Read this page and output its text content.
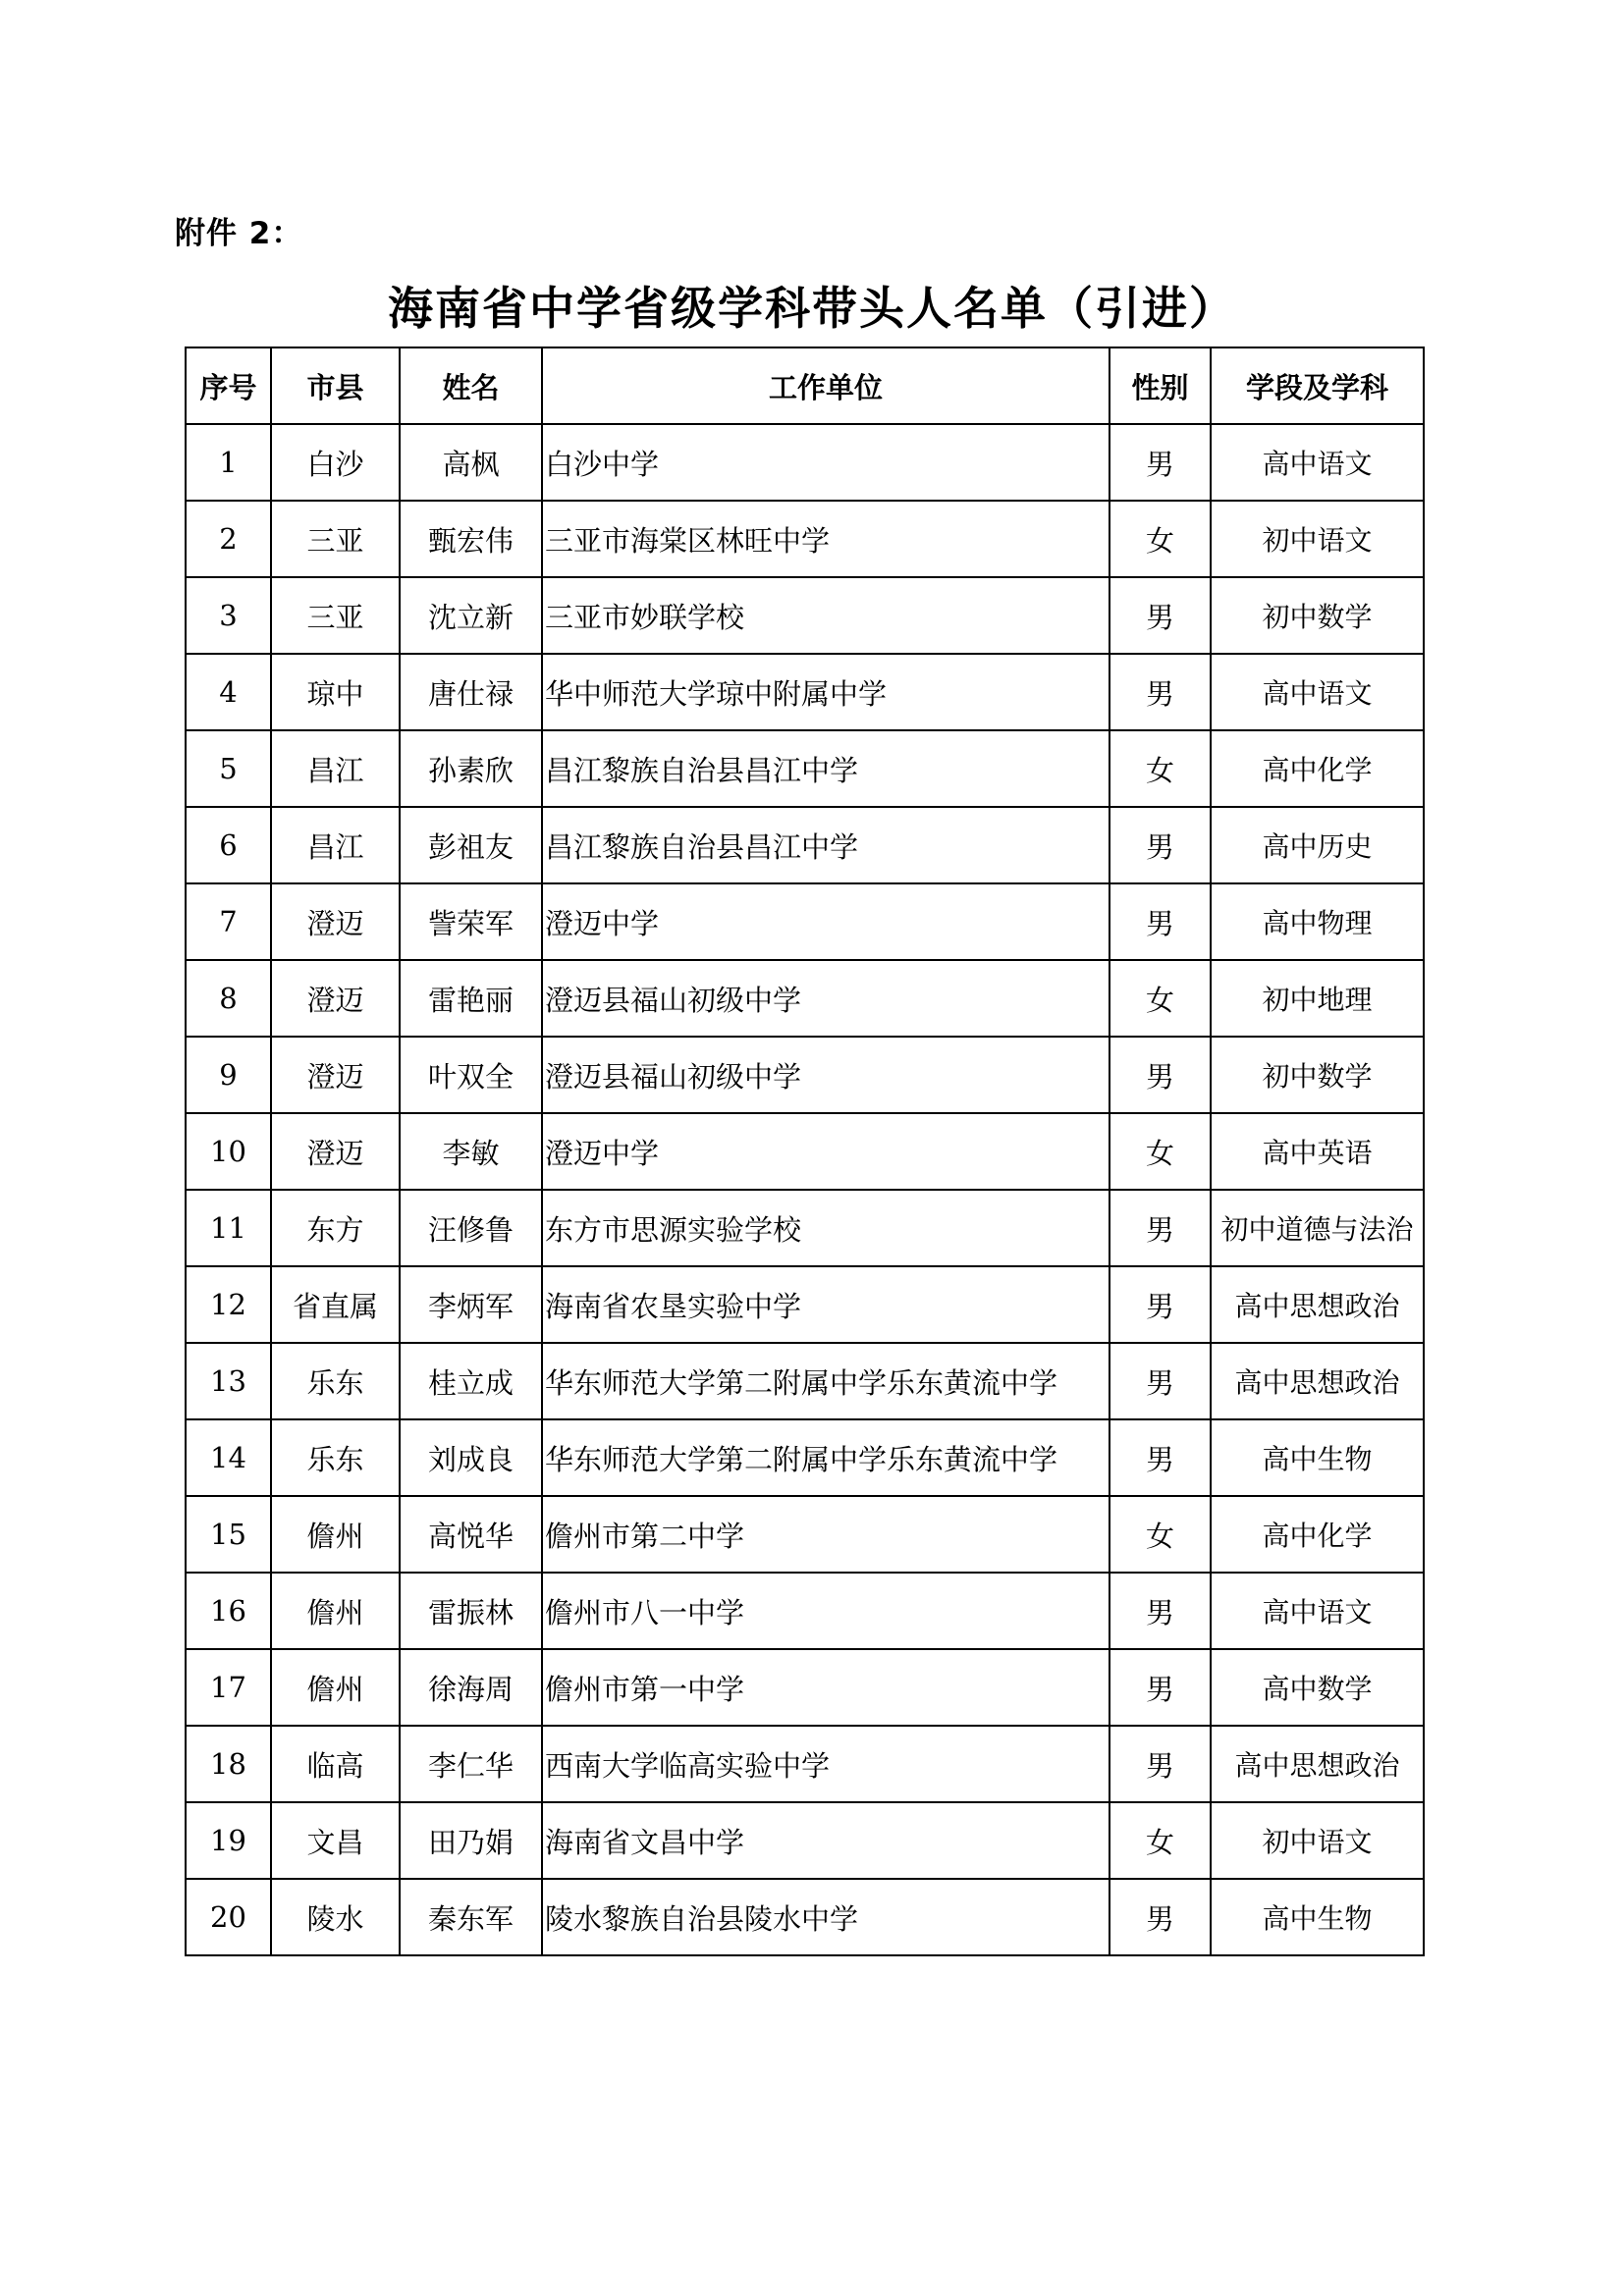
附件 2：
海南省中学省级学科带头人名单（引进）
序号	市县	姓名	工作单位	性别	学段及学科
1	白沙	高枫	白沙中学	男	高中语文
2	三亚	甄宏伟	三亚市海棠区林旺中学	女	初中语文
3	三亚	沈立新	三亚市妙联学校	男	初中数学
4	琼中	唐仕禄	华中师范大学琼中附属中学	男	高中语文
5	昌江	孙素欣	昌江黎族自治县昌江中学	女	高中化学
6	昌江	彭祖友	昌江黎族自治县昌江中学	男	高中历史
7	澄迈	訾荣军	澄迈中学	男	高中物理
8	澄迈	雷艳丽	澄迈县福山初级中学	女	初中地理
9	澄迈	叶双全	澄迈县福山初级中学	男	初中数学
10	澄迈	李敏	澄迈中学	女	高中英语
11	东方	汪修鲁	东方市思源实验学校	男	初中道德与法治
12	省直属	李炳军	海南省农垦实验中学	男	高中思想政治
13	乐东	桂立成	华东师范大学第二附属中学乐东黄流中学	男	高中思想政治
14	乐东	刘成良	华东师范大学第二附属中学乐东黄流中学	男	高中生物
15	儋州	高悦华	儋州市第二中学	女	高中化学
16	儋州	雷振林	儋州市八一中学	男	高中语文
17	儋州	徐海周	儋州市第一中学	男	高中数学
18	临高	李仁华	西南大学临高实验中学	男	高中思想政治
19	文昌	田乃娟	海南省文昌中学	女	初中语文
20	陵水	秦东军	陵水黎族自治县陵水中学	男	高中生物
